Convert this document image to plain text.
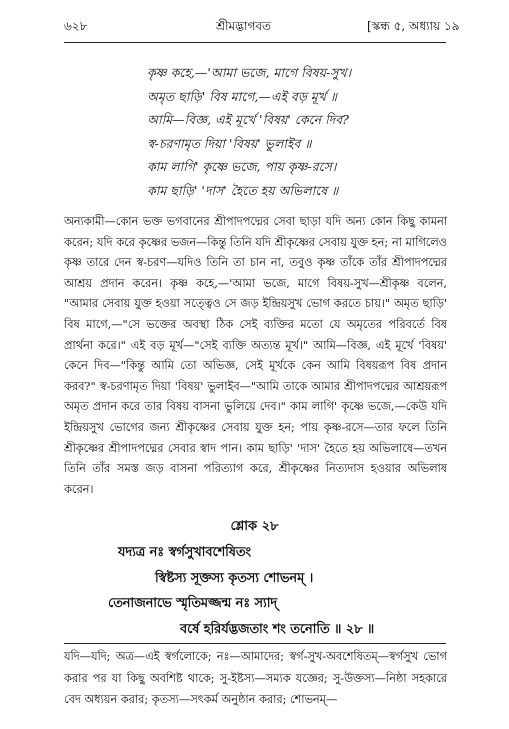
৬২৮	শ্রীমদ্ভাগবত	[স্কন্ধ ৫, অধ্যায় ১৯
কৃষ্ণ কহে,—'আমা ভজে, মাগে বিষয়-সুখ।
অমৃত ছাড়ি' বিষ মাগে,—এই বড় মূর্খ ॥
আমি—বিজ্ঞ, এই মূর্খে 'বিষয়' কেনে দিব?
স্ব-চরণামৃত দিয়া 'বিষয়' ভুলাইব ॥
কাম লাগি' কৃষ্ণে ভজে, পায় কৃষ্ণ-রসে।
কাম ছাড়ি' 'দাস' হৈতে হয় অভিলাষে ॥

অন্যকামী—কোন ভক্ত ভগবানের শ্রীপাদপদ্মের সেবা ছাড়া যদি অন্য কোন কিছু কামনা করেন; যদি করে কৃষ্ণের ভজন—কিন্তু তিনি যদি শ্রীকৃষ্ণের সেবায় যুক্ত হন; না মাগিলেও কৃষ্ণ তারে দেন স্ব-চরণ—যদিও তিনি তা চান না, তবুও কৃষ্ণ তাঁকে তাঁর শ্রীপাদপদ্মের আশ্রয় প্রদান করেন। কৃষ্ণ কহে,—'আমা ভজে, মাগে বিষয়-সুখ—শ্রীকৃষ্ণ বলেন, "আমার সেবায় যুক্ত হওয়া সত্ত্বেও সে জড় ইন্দ্রিয়সুখ ভোগ করতে চায়।" অমৃত ছাড়ি' বিষ মাগে,—"সে ভক্তের অবস্থা ঠিক সেই ব্যক্তির মতো যে অমৃতের পরিবর্তে বিষ প্রার্থনা করে।" এই বড় মূর্খ—"সেই ব্যক্তি অত্যন্ত মূর্খ।" আমি—বিজ্ঞ, এই মূর্খে 'বিষয়' কেনে দিব—"কিন্তু আমি তো অভিজ্ঞ, সেই মূর্খকে কেন আমি বিষয়রূপ বিষ প্রদান করব?" স্ব-চরণামৃত দিয়া 'বিষয়' ভুলাইব—"আমি তাকে আমার শ্রীপাদপদ্মের আশ্রয়রূপ অমৃত প্রদান করে তার বিষয় বাসনা ভুলিয়ে দেব।" কাম লাগি' কৃষ্ণে ভজে,—কেউ যদি ইন্দ্রিয়সুখ ভোগের জন্য শ্রীকৃষ্ণের সেবায় যুক্ত হন; পায় কৃষ্ণ-রসে—তার ফলে তিনি শ্রীকৃষ্ণের শ্রীপাদপদ্মের সেবার স্বাদ পান। কাম ছাড়ি' 'দাস' হৈতে হয় অভিলাষে—তখন তিনি তাঁর সমস্ত জড় বাসনা পরিত্যাগ করে, শ্রীকৃষ্ণের নিত্যদাস হওয়ার অভিলাষ করেন।

শ্লোক ২৮
যদ্যত্র নঃ স্বর্গসুখাবশেষিতং
স্বিষ্টস্য সূক্তস্য কৃতস্য শোভনম্ ।
তেনাজনাভে স্মৃতিমজ্জন্ম নঃ স্যাদ্
বর্ষে হরির্যদ্ভজতাং শং তনোতি ॥ ২৮ ॥

যদি—যদি; অত্র—এই স্বর্গলোকে; নঃ—আমাদের; স্বর্গ-সুখ-অবশেষিতম্—স্বর্গসুখ ভোগ করার পর যা কিছু অবশিষ্ট থাকে; সু-ইষ্টস্য—সম্যক যজ্ঞের; সু-উক্তস্য—নিষ্ঠা সহকারে বেদ অধ্যয়ন করার; কৃতস্য—সৎকর্ম অনুষ্ঠান করার; শোভনম্—
